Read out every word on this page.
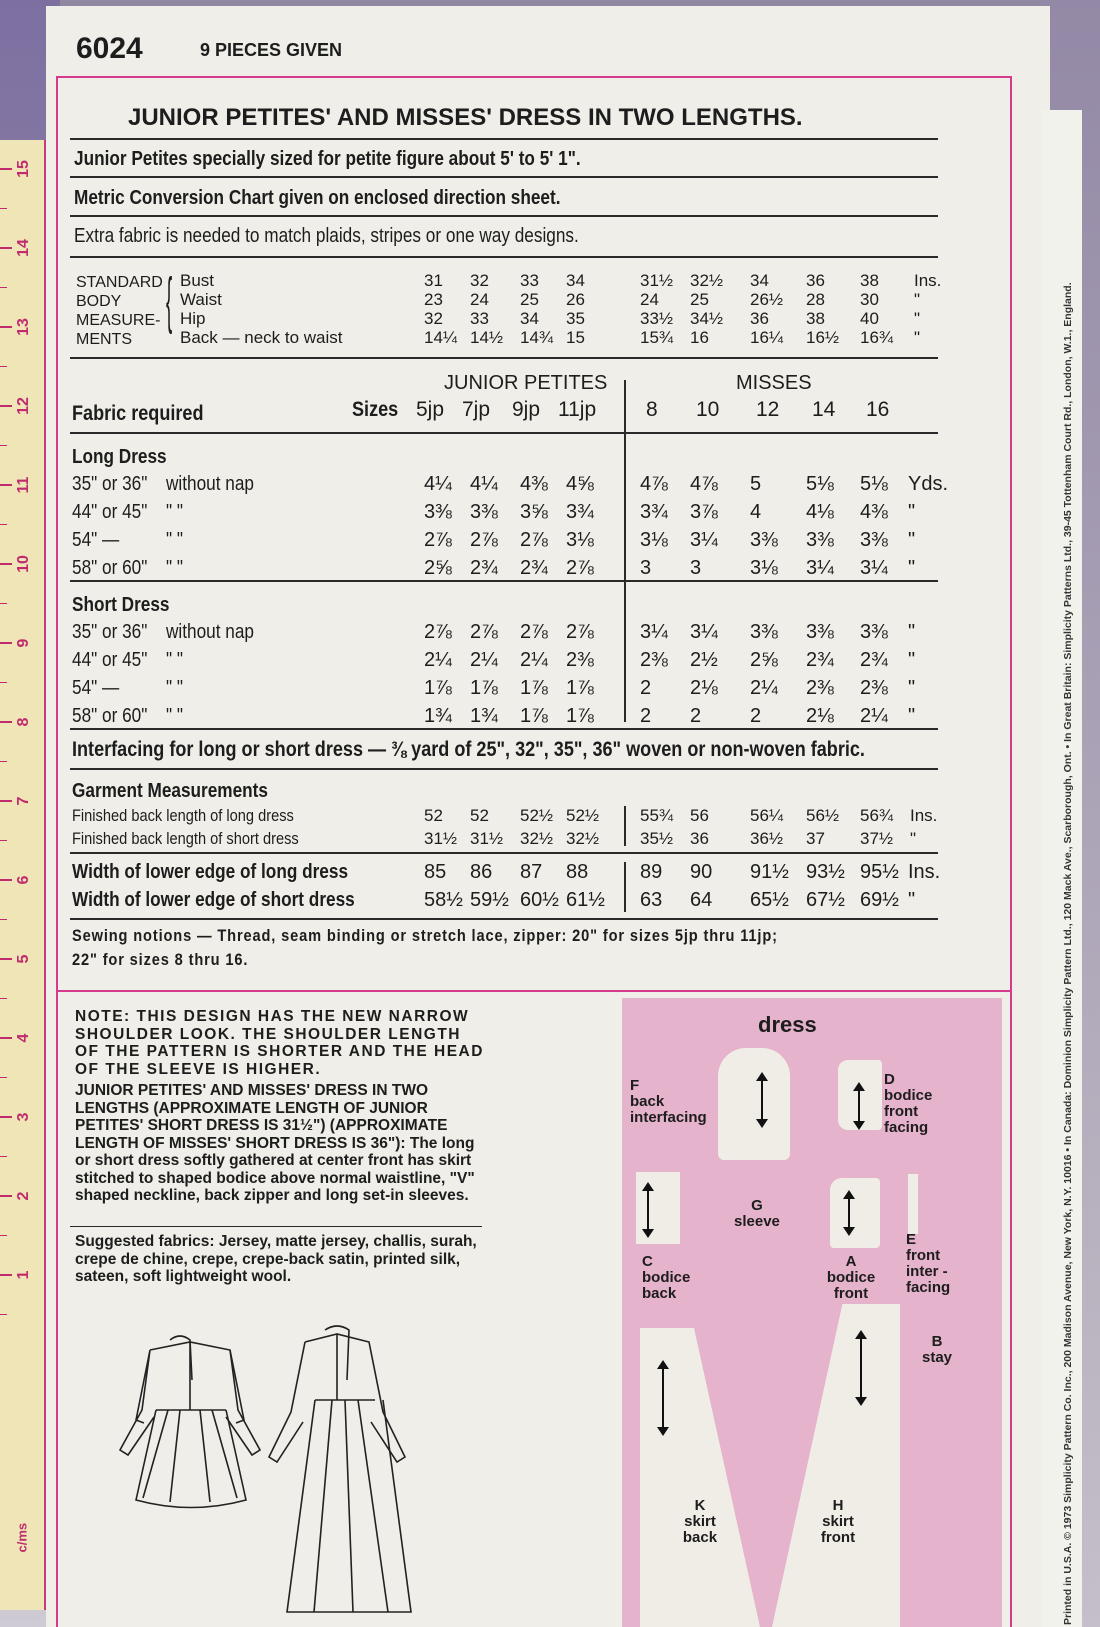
15
14
13
12
11
10
9
8
7
6
5
4
3
2
1
c/ms	Printed in U.S.A. © 1973 Simplicity Pattern Co. Inc., 200 Madison Avenue, New York, N.Y. 10016 • In Canada: Dominion Simplicity Pattern Ltd., 120 Mack Ave., Scarborough, Ont. • In Great Britain: Simplicity Patterns Ltd., 39-45 Tottenham Court Rd., London, W.1., England.
6024	9 PIECES GIVEN
JUNIOR PETITES' AND MISSES' DRESS IN TWO LENGTHS.
Junior Petites specially sized for petite figure about 5' to 5' 1".
Metric Conversion Chart given on enclosed direction sheet.
Extra fabric is needed to match plaids, stripes or one way designs.
STANDARD
BODY
MEASURE-
MENTS
{ Bust	31 32 33 34	31½ 32½ 34 36 38 Ins.
Waist	23 24 25 26	24 25 26½ 28 30 "
Hip	32 33 34 35	33½ 34½ 36 38 40 "
Back — neck to waist	14¼ 14½ 14¾ 15	15¾ 16 16¼ 16½ 16¾ "
JUNIOR PETITES	MISSES
Fabric required	Sizes 5jp 7jp 9jp 11jp 8 10 12 14 16
Long Dress
35" or 36" without nap	4¼ 4¼ 4⅜ 4⅝ 4⅞ 4⅞ 5 5⅛ 5⅛ Yds.
44" or 45" " "	3⅜ 3⅜ 3⅝ 3¾ 3¾ 3⅞ 4 4⅛ 4⅜ "
54" — " "	2⅞ 2⅞ 2⅞ 3⅛ 3⅛ 3¼ 3⅜ 3⅜ 3⅜ "
58" or 60" " "	2⅝ 2¾ 2¾ 2⅞ 3 3 3⅛ 3¼ 3¼ "
Short Dress
35" or 36" without nap	2⅞ 2⅞ 2⅞ 2⅞ 3¼ 3¼ 3⅜ 3⅜ 3⅜ "
44" or 45" " "	2¼ 2¼ 2¼ 2⅜ 2⅜ 2½ 2⅝ 2¾ 2¾ "
54" — " "	1⅞ 1⅞ 1⅞ 1⅞ 2 2⅛ 2¼ 2⅜ 2⅜ "
58" or 60" " "	1¾ 1¾ 1⅞ 1⅞ 2 2 2 2⅛ 2¼ "
Garment Measurements
Finished back length of long dress	52 52 52½ 52½ 55¾ 56 56¼ 56½ 56¾ Ins.
Finished back length of short dress	31½ 31½ 32½ 32½ 35½ 36 36½ 37 37½ "
Width of lower edge of long dress	85 86 87 88	89 90 91½ 93½ 95½ Ins.
Width of lower edge of short dress	58½ 59½ 60½ 61½ 63 64 65½ 67½ 69½ "
Interfacing for long or short dress — ⅜ yard of 25", 32", 35", 36" woven or non-woven fabric.
Sewing notions — Thread, seam binding or stretch lace, zipper: 20" for sizes 5jp thru 11jp;
22" for sizes 8 thru 16.
NOTE: THIS DESIGN HAS THE NEW NARROW SHOULDER LOOK. THE SHOULDER LENGTH OF THE PATTERN IS SHORTER AND THE HEAD OF THE SLEEVE IS HIGHER.
JUNIOR PETITES' AND MISSES' DRESS IN TWO LENGTHS (APPROXIMATE LENGTH OF JUNIOR PETITES' SHORT DRESS IS 31½") (APPROXIMATE LENGTH OF MISSES' SHORT DRESS IS 36"): The long or short dress softly gathered at center front has skirt stitched to shaped bodice above normal waistline, "V" shaped neckline, back zipper and long set-in sleeves.
Suggested fabrics: Jersey, matte jersey, challis, surah, crepe de chine, crepe, crepe-back satin, printed silk, sateen, soft lightweight wool.
dress
G
sleeve
D
bodice front facing
F
back interfacing
C
bodice back
A
bodice front
E
front inter - facing
B
stay
K
skirt back
H
skirt front
